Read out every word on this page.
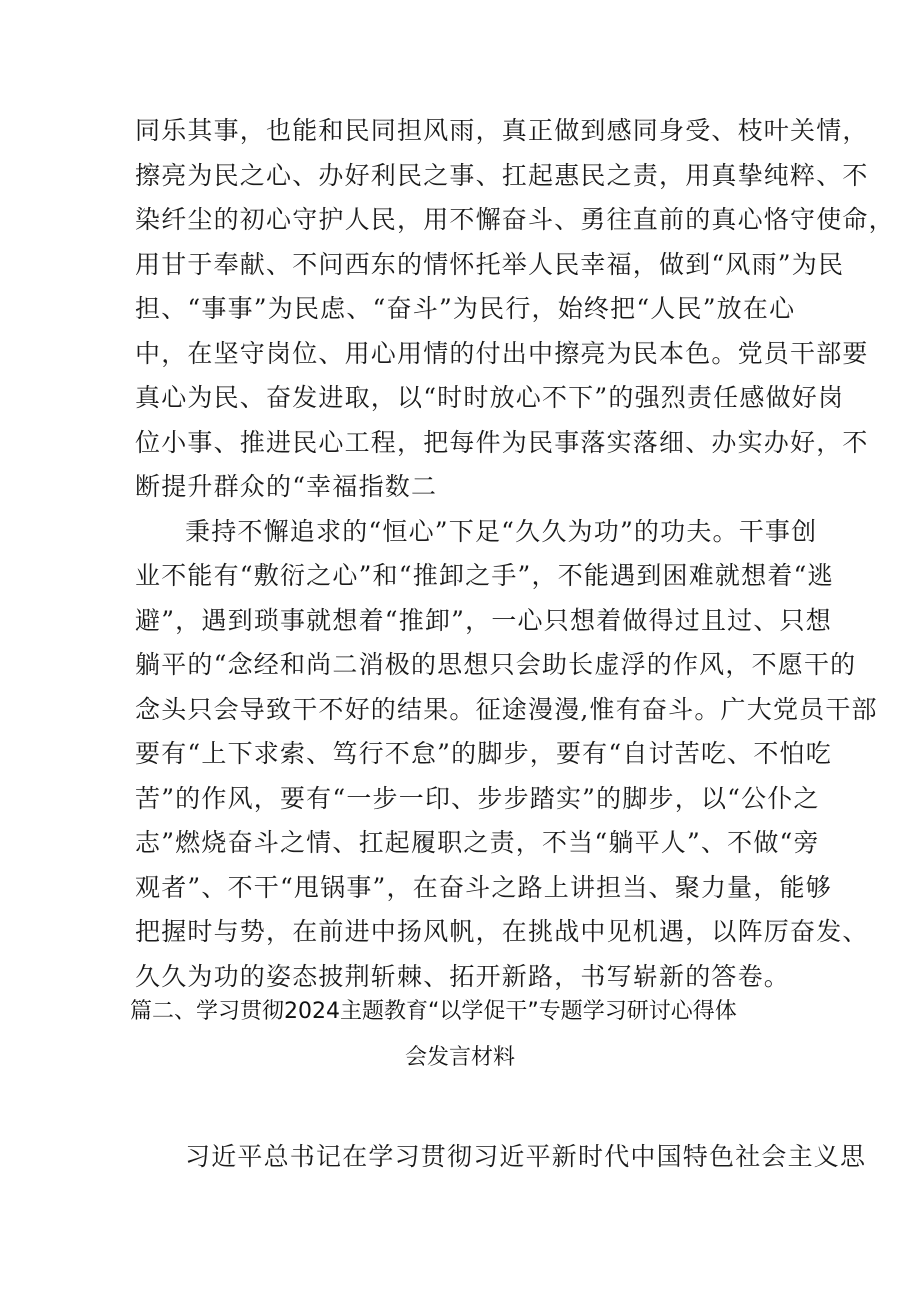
同乐其事，也能和民同担风雨，真正做到感同身受、枝叶关情，
擦亮为民之心、办好利民之事、扛起惠民之责，用真挚纯粹、不
染纤尘的初心守护人民，用不懈奋斗、勇往直前的真心恪守使命，
用甘于奉献、不问西东的情怀托举人民幸福，做到“风雨”为民
担、“事事”为民虑、“奋斗”为民行，始终把“人民”放在心
中，在坚守岗位、用心用情的付出中擦亮为民本色。党员干部要
真心为民、奋发进取，以“时时放心不下”的强烈责任感做好岗
位小事、推进民心工程，把每件为民事落实落细、办实办好，不
断提升群众的“幸福指数二
秉持不懈追求的“恒心”下足“久久为功”的功夫。干事创
业不能有“敷衍之心”和“推卸之手”，不能遇到困难就想着“逃
避”，遇到琐事就想着“推卸”，一心只想着做得过且过、只想
躺平的“念经和尚二消极的思想只会助长虚浮的作风，不愿干的
念头只会导致干不好的结果。征途漫漫,惟有奋斗。广大党员干部
要有“上下求索、笃行不怠”的脚步，要有“自讨苦吃、不怕吃
苦”的作风，要有“一步一印、步步踏实”的脚步，以“公仆之
志”燃烧奋斗之情、扛起履职之责，不当“躺平人”、不做“旁
观者”、不干“甩锅事”，在奋斗之路上讲担当、聚力量，能够
把握时与势，在前进中扬风帆，在挑战中见机遇，以阵厉奋发、
久久为功的姿态披荆斩棘、拓开新路，书写崭新的答卷。
篇二、学习贯彻2024主题教育“以学促干”专题学习研讨心得体
会发言材料
习近平总书记在学习贯彻习近平新时代中国特色社会主义思
